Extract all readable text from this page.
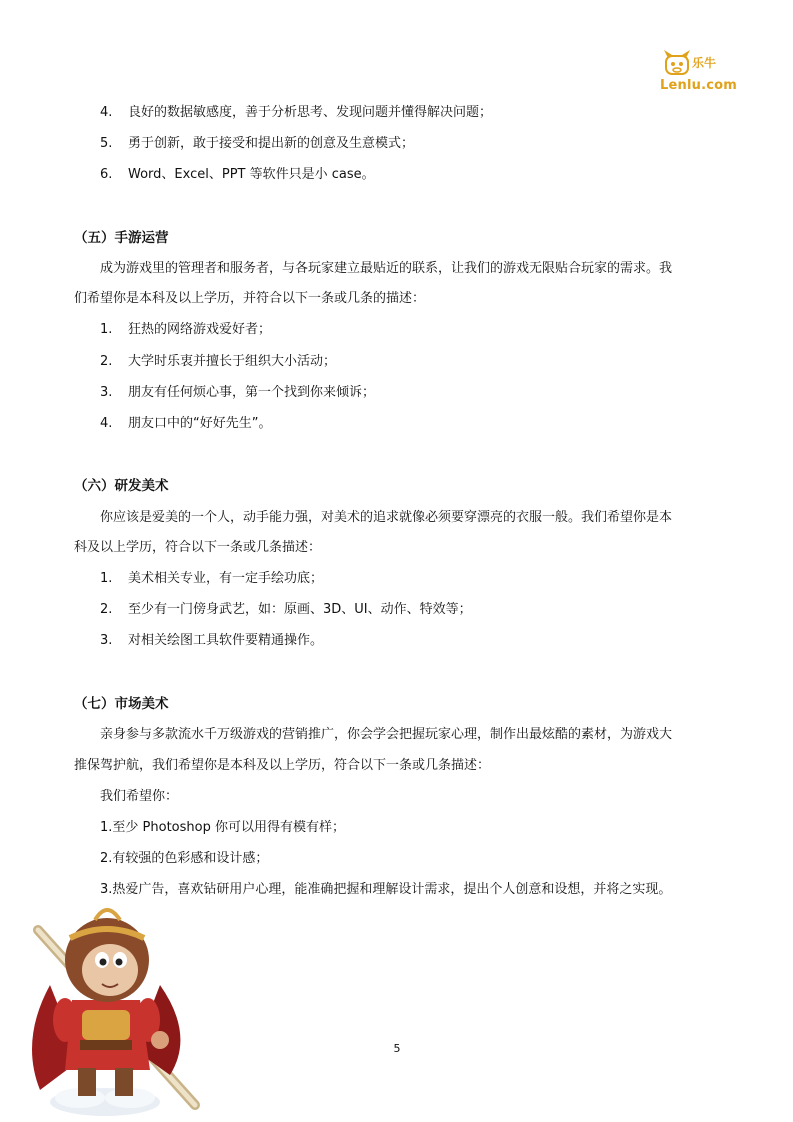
乐牛
Lenlu.com
4. 良好的数据敏感度，善于分析思考、发现问题并懂得解决问题；
5. 勇于创新，敢于接受和提出新的创意及生意模式；
6. Word、Excel、PPT 等软件只是小 case。
（五）手游运营
成为游戏里的管理者和服务者，与各玩家建立最贴近的联系，让我们的游戏无限贴合玩家的需求。我
们希望你是本科及以上学历，并符合以下一条或几条的描述：
1. 狂热的网络游戏爱好者；
2. 大学时乐衷并擅长于组织大小活动；
3. 朋友有任何烦心事，第一个找到你来倾诉；
4. 朋友口中的“好好先生”。
（六）研发美术
你应该是爱美的一个人，动手能力强，对美术的追求就像必须要穿漂亮的衣服一般。我们希望你是本
科及以上学历，符合以下一条或几条描述：
1. 美术相关专业，有一定手绘功底；
2. 至少有一门傍身武艺，如：原画、3D、UI、动作、特效等；
3. 对相关绘图工具软件要精通操作。
（七）市场美术
亲身参与多款流水千万级游戏的营销推广，你会学会把握玩家心理，制作出最炫酷的素材，为游戏大
推保驾护航，我们希望你是本科及以上学历，符合以下一条或几条描述：
我们希望你：
1.至少 Photoshop 你可以用得有模有样；
2.有较强的色彩感和设计感；
3.热爱广告，喜欢钻研用户心理，能准确把握和理解设计需求，提出个人创意和设想，并将之实现。
5
